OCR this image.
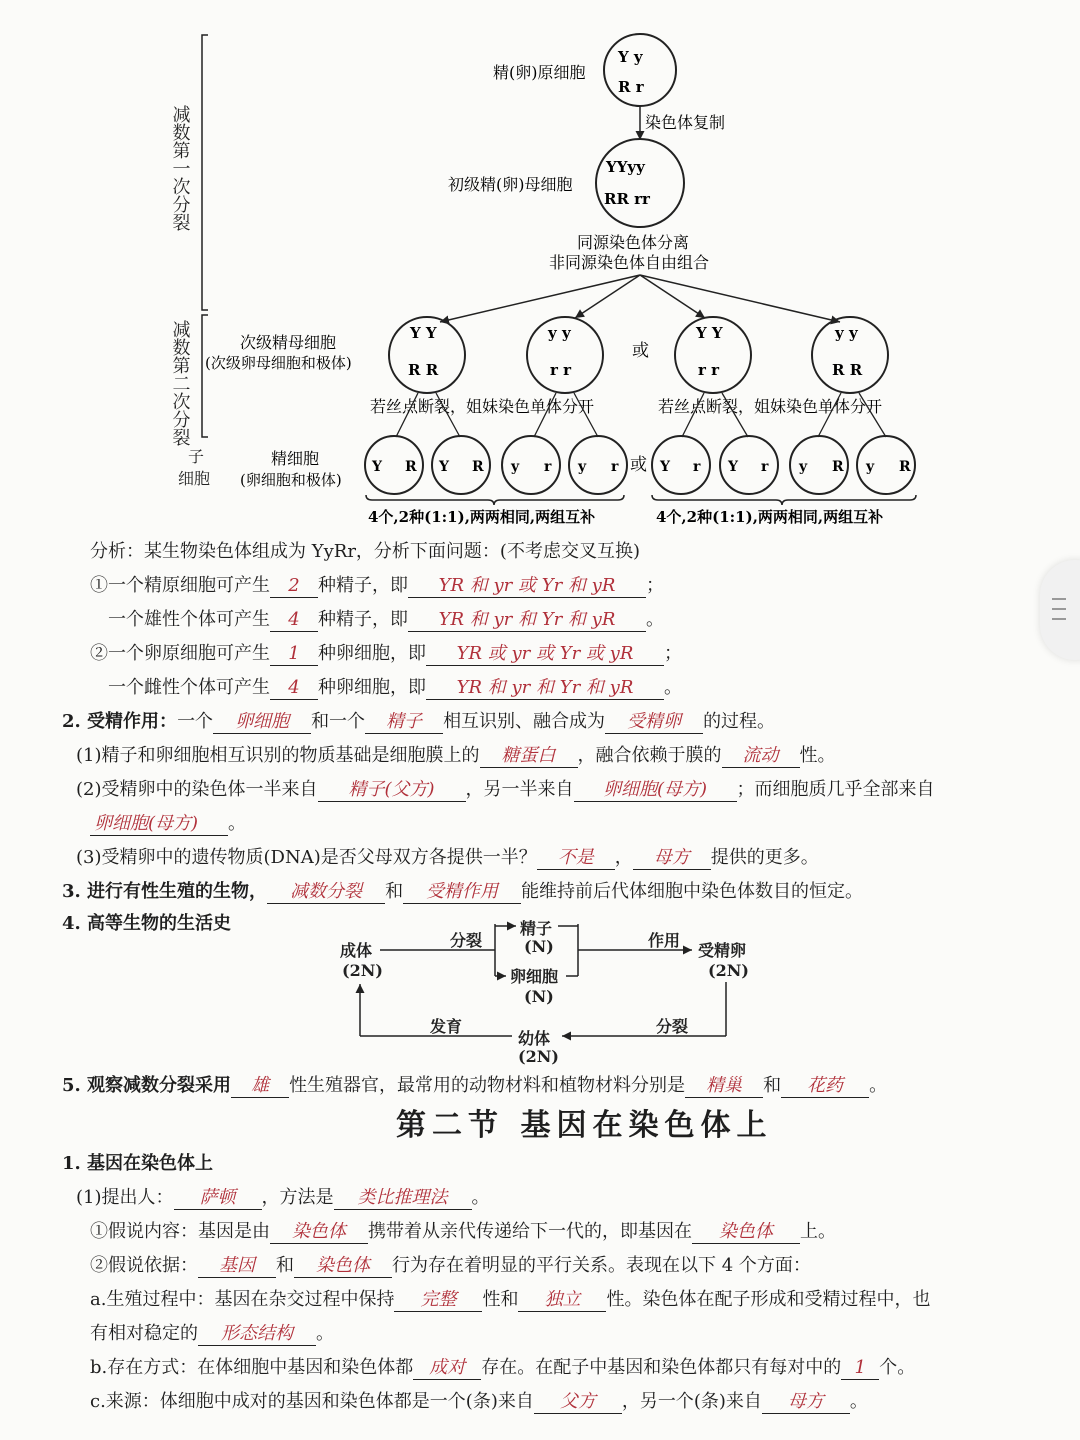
减数第一次分裂
减数第二次分裂
子
细胞
精(卵)原细胞
Y y
R r
染色体复制
初级精(卵)母细胞
YYyy
RR rr
同源染色体分离
非同源染色体自由组合
次级精母细胞
(次级卵母细胞和极体)
或
Y Y
R R
y y
r r
Y Y
r r
y y
R R
若丝点断裂，姐妹染色单体分开	若丝点断裂，姐妹染色单体分开
精细胞
(卵细胞和极体)
或
Y R Y R y r y r	Y r Y r y R y R
4个,2种(1:1),两两相同,两组互补	4个,2种(1:1),两两相同,两组互补
分析：某生物染色体组成为 YyRr，分析下面问题：(不考虑交叉互换)
①一个精原细胞可产生 2 种精子，即 YR 和 yr 或 Yr 和 yR ；
一个雄性个体可产生 4 种精子，即 YR 和 yr 和 Yr 和 yR 。
②一个卵原细胞可产生 1 种卵细胞，即 YR 或 yr 或 Yr 或 yR ；
一个雌性个体可产生 4 种卵细胞，即 YR 和 yr 和 Yr 和 yR 。
2. 受精作用：一个 卵细胞 和一个 精子 相互识别、融合成为 受精卵 的过程。
(1)精子和卵细胞相互识别的物质基础是细胞膜上的 糖蛋白 ，融合依赖于膜的 流动 性。
(2)受精卵中的染色体一半来自 精子(父方) ，另一半来自 卵细胞(母方) ；而细胞质几乎全部来自
卵细胞(母方) 。
(3)受精卵中的遗传物质(DNA)是否父母双方各提供一半？ 不是 ， 母方 提供的更多。
3. 进行有性生殖的生物， 减数分裂 和 受精作用 能维持前后代体细胞中染色体数目的恒定。
4. 高等生物的生活史
成体
(2N)
分裂
精子
(N)
卵细胞
(N)
作用
受精卵
(2N)
发育
幼体
(2N)
分裂
5. 观察减数分裂采用 雄 性生殖器官，最常用的动物材料和植物材料分别是 精巢 和 花药 。
第二节 基因在染色体上
1. 基因在染色体上
(1)提出人： 萨顿 ，方法是 类比推理法 。
①假说内容：基因是由 染色体 携带着从亲代传递给下一代的，即基因在 染色体 上。
②假说依据： 基因 和 染色体 行为存在着明显的平行关系。表现在以下 4 个方面：
a.生殖过程中：基因在杂交过程中保持 完整 性和 独立 性。染色体在配子形成和受精过程中，也
有相对稳定的 形态结构 。
b.存在方式：在体细胞中基因和染色体都 成对 存在。在配子中基因和染色体都只有每对中的 1 个。
c.来源：体细胞中成对的基因和染色体都是一个(条)来自 父方 ，另一个(条)来自 母方 。
